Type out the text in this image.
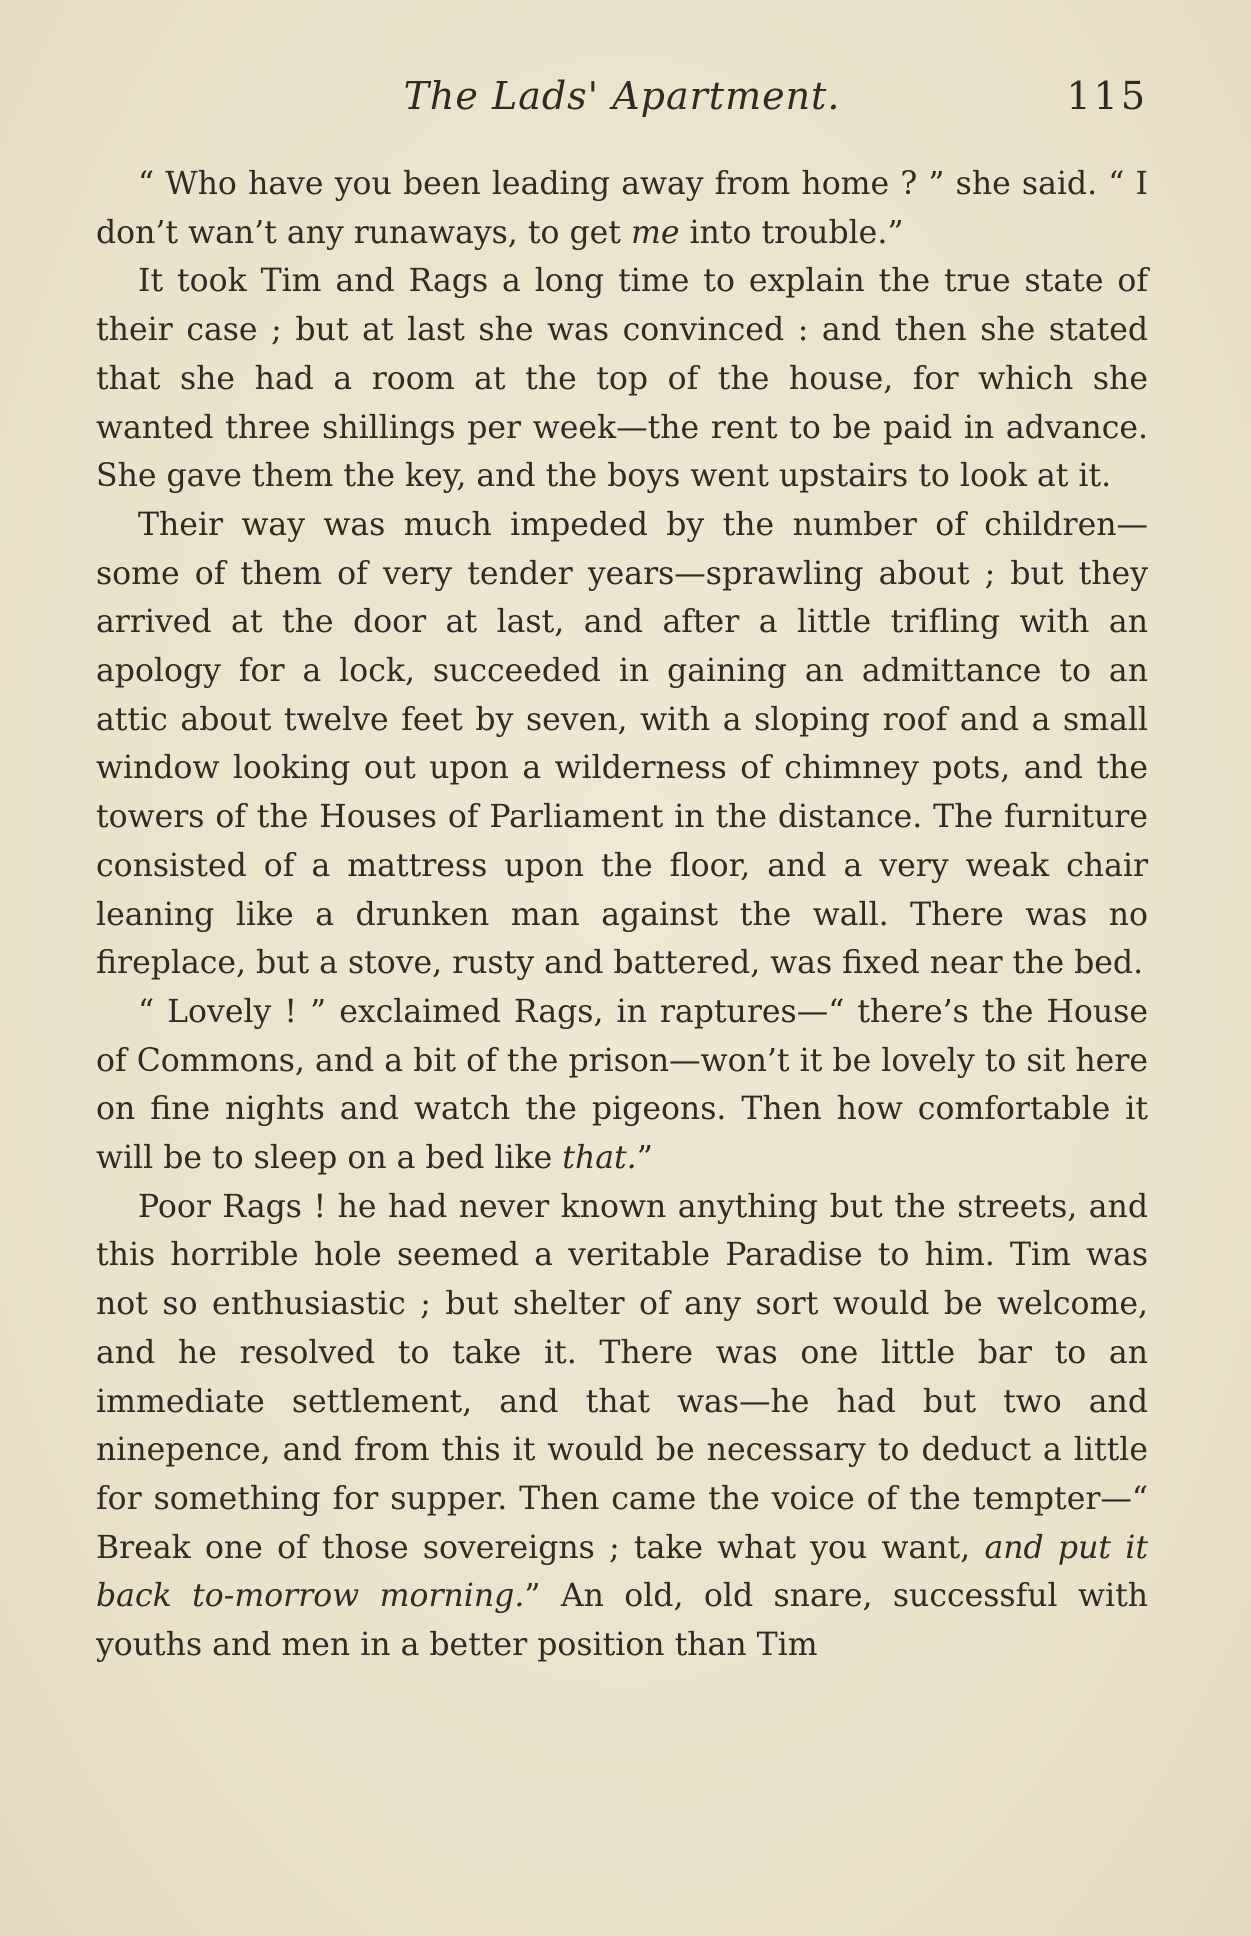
The Lads' Apartment.	115

“ Who have you been leading away from home ? ” she said. “ I don’t wan’t any runaways, to get me into trouble.”

It took Tim and Rags a long time to explain the true state of their case ; but at last she was convinced : and then she stated that she had a room at the top of the house, for which she wanted three shillings per week—the rent to be paid in advance. She gave them the key, and the boys went upstairs to look at it.

Their way was much impeded by the number of children—some of them of very tender years—sprawling about ; but they arrived at the door at last, and after a little trifling with an apology for a lock, succeeded in gaining an admittance to an attic about twelve feet by seven, with a sloping roof and a small window looking out upon a wilderness of chimney pots, and the towers of the Houses of Parliament in the distance. The furniture consisted of a mattress upon the floor, and a very weak chair leaning like a drunken man against the wall. There was no fireplace, but a stove, rusty and battered, was fixed near the bed.

“ Lovely ! ” exclaimed Rags, in raptures—“ there’s the House of Commons, and a bit of the prison—won’t it be lovely to sit here on fine nights and watch the pigeons. Then how comfortable it will be to sleep on a bed like that.”

Poor Rags ! he had never known anything but the streets, and this horrible hole seemed a veritable Paradise to him. Tim was not so enthusiastic ; but shelter of any sort would be welcome, and he resolved to take it. There was one little bar to an immediate settlement, and that was—he had but two and ninepence, and from this it would be necessary to deduct a little for something for supper. Then came the voice of the tempter—“ Break one of those sovereigns ; take what you want, and put it back to-morrow morning.” An old, old snare, successful with youths and men in a better position than Tim
